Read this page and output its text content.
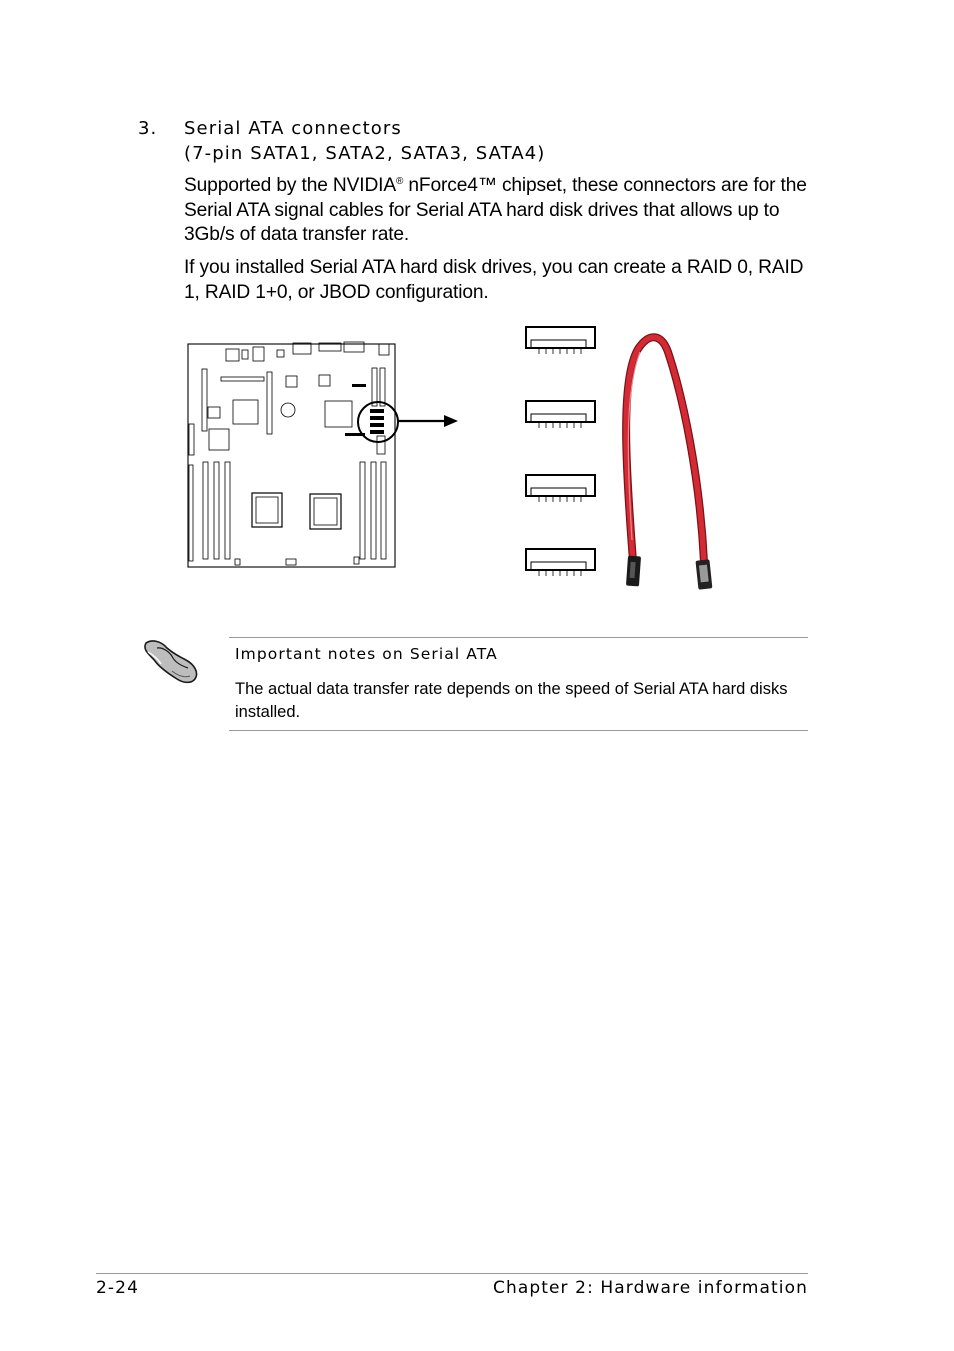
3. Serial ATA connectors
(7-pin SATA1, SATA2, SATA3, SATA4)
Supported by the NVIDIA® nForce4™ chipset, these connectors are for the Serial ATA signal cables for Serial ATA hard disk drives that allows up to 3Gb/s of data transfer rate.
If you installed Serial ATA hard disk drives, you can create a RAID 0, RAID 1, RAID 1+0, or JBOD configuration.
Important notes on Serial ATA
The actual data transfer rate depends on the speed of Serial ATA hard disks installed.
2-24	Chapter 2: Hardware information
